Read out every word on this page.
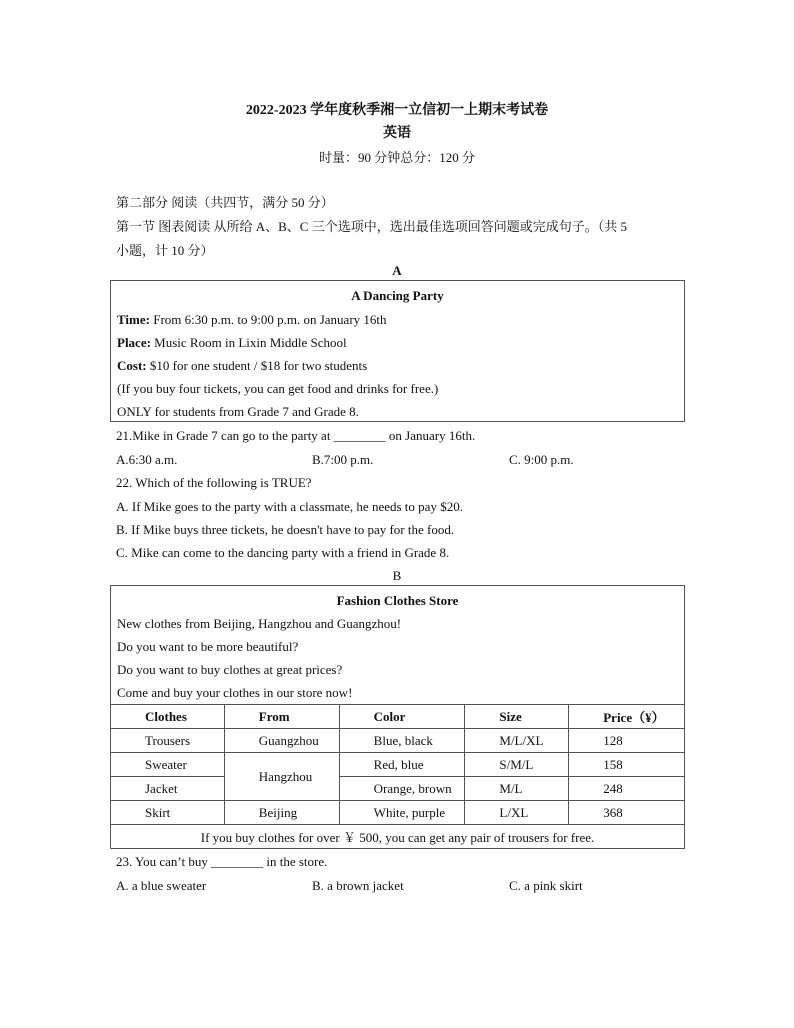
2022-2023 学年度秋季湘一立信初一上期末考试卷
英语
时量：90 分钟总分：120 分
第二部分 阅读（共四节，满分 50 分）
第一节 图表阅读 从所给 A、B、C 三个选项中，选出最佳选项回答问题或完成句子。（共 5
小题，计 10 分）
A
A Dancing Party
Time: From 6:30 p.m. to 9:00 p.m. on January 16th
Place: Music Room in Lixin Middle School
Cost: $10 for one student / $18 for two students
(If you buy four tickets, you can get food and drinks for free.)
ONLY for students from Grade 7 and Grade 8.
21.Mike in Grade 7 can go to the party at ________ on January 16th.
A.6:30 a.m.	B.7:00 p.m.	C. 9:00 p.m.
22. Which of the following is TRUE?
A. If Mike goes to the party with a classmate, he needs to pay $20.
B. If Mike buys three tickets, he doesn't have to pay for the food.
C. Mike can come to the dancing party with a friend in Grade 8.
B
Fashion Clothes Store
New clothes from Beijing, Hangzhou and Guangzhou!
Do you want to be more beautiful?
Do you want to buy clothes at great prices?
Come and buy your clothes in our store now!
Clothes	From	Color	Size	Price（¥）
Trousers	Guangzhou	Blue, black	M/L/XL	128
Sweater	Hangzhou	Red, blue	S/M/L	158
Jacket		Orange, brown	M/L	248
Skirt	Beijing	White, purple	L/XL	368
If you buy clothes for over ￥ 500, you can get any pair of trousers for free.				
23. You can’t buy ________ in the store.
A. a blue sweater	B. a brown jacket	C. a pink skirt
